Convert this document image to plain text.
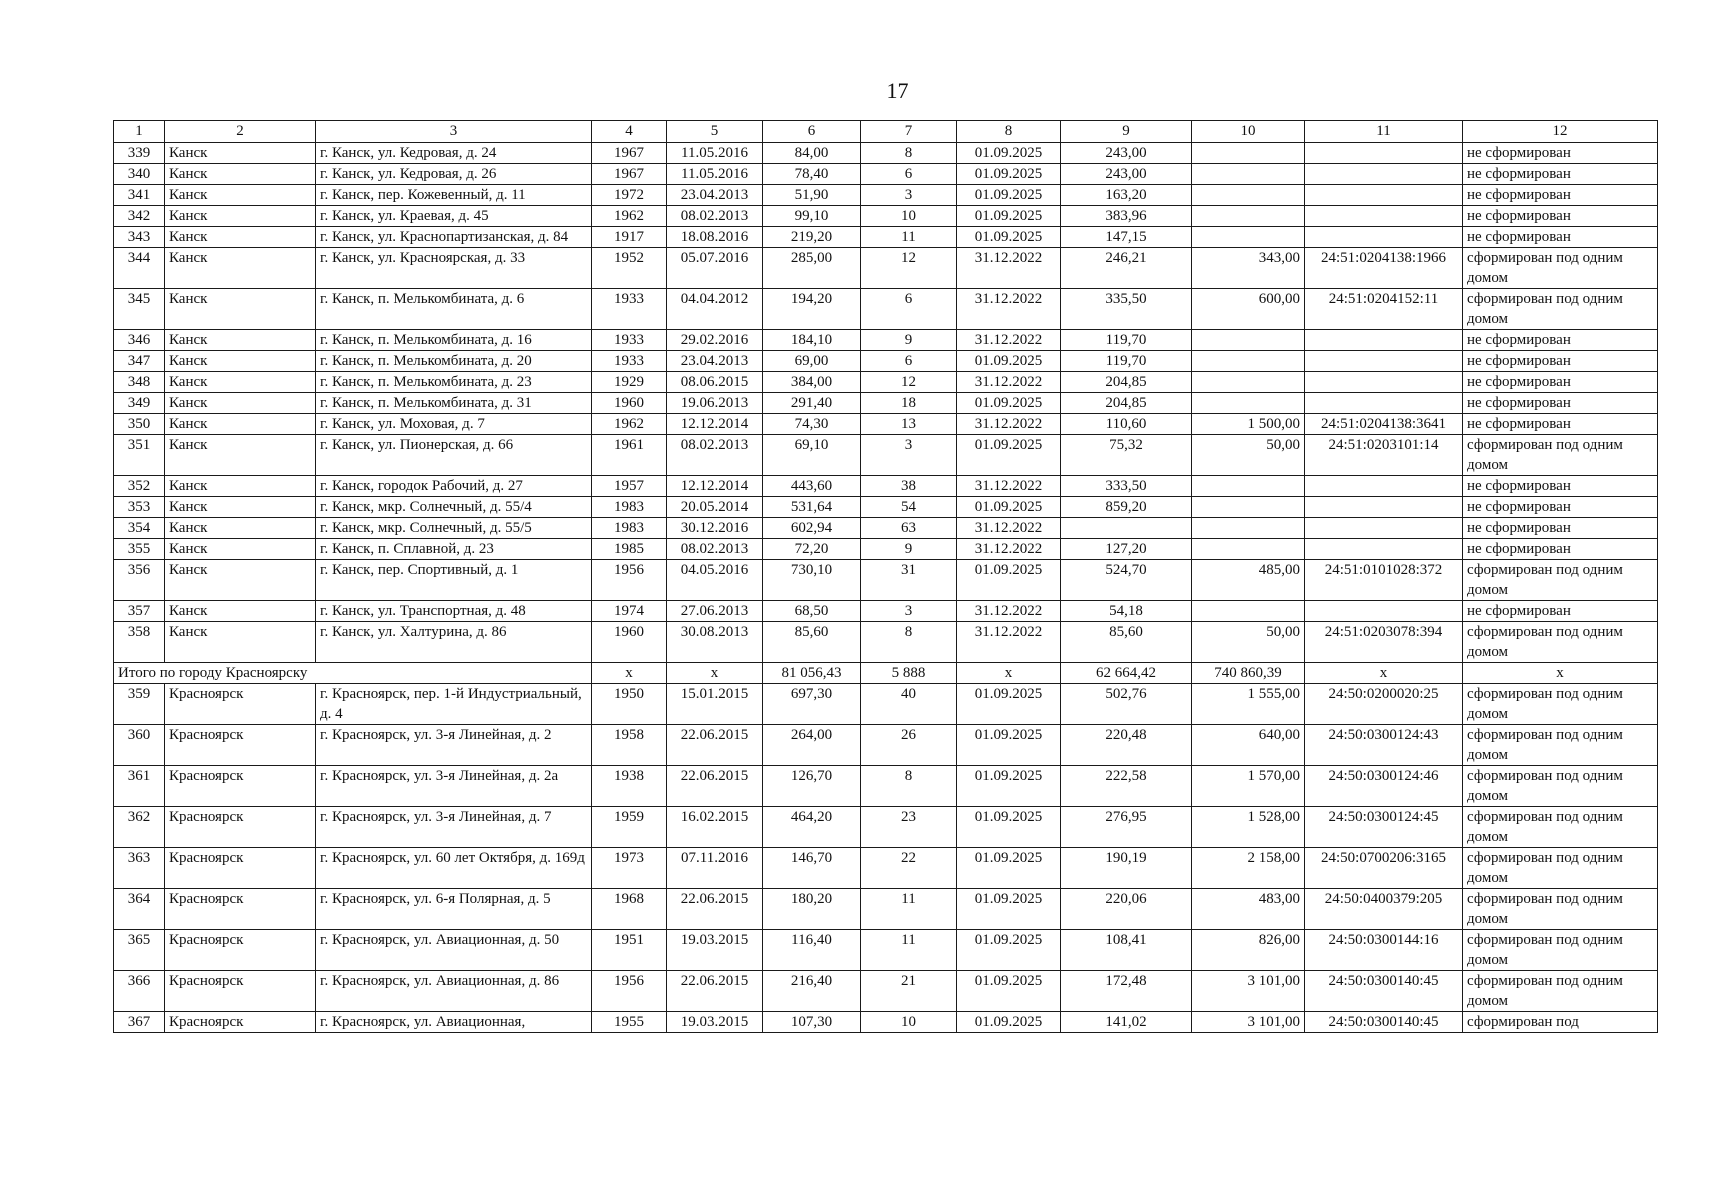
17
1	2	3	4	5	6	7	8	9	10	11	12
339	Канск	г. Канск, ул. Кедровая, д. 24	1967	11.05.2016	84,00	8	01.09.2025	243,00			не сформирован
340	Канск	г. Канск, ул. Кедровая, д. 26	1967	11.05.2016	78,40	6	01.09.2025	243,00			не сформирован
341	Канск	г. Канск, пер. Кожевенный, д. 11	1972	23.04.2013	51,90	3	01.09.2025	163,20			не сформирован
342	Канск	г. Канск, ул. Краевая, д. 45	1962	08.02.2013	99,10	10	01.09.2025	383,96			не сформирован
343	Канск	г. Канск, ул. Краснопартизанская, д. 84	1917	18.08.2016	219,20	11	01.09.2025	147,15			не сформирован
344	Канск	г. Канск, ул. Красноярская, д. 33	1952	05.07.2016	285,00	12	31.12.2022	246,21	343,00	24:51:0204138:1966	сформирован под одним домом
345	Канск	г. Канск, п. Мелькомбината, д. 6	1933	04.04.2012	194,20	6	31.12.2022	335,50	600,00	24:51:0204152:11	сформирован под одним домом
346	Канск	г. Канск, п. Мелькомбината, д. 16	1933	29.02.2016	184,10	9	31.12.2022	119,70			не сформирован
347	Канск	г. Канск, п. Мелькомбината, д. 20	1933	23.04.2013	69,00	6	01.09.2025	119,70			не сформирован
348	Канск	г. Канск, п. Мелькомбината, д. 23	1929	08.06.2015	384,00	12	31.12.2022	204,85			не сформирован
349	Канск	г. Канск, п. Мелькомбината, д. 31	1960	19.06.2013	291,40	18	01.09.2025	204,85			не сформирован
350	Канск	г. Канск, ул. Моховая, д. 7	1962	12.12.2014	74,30	13	31.12.2022	110,60	1 500,00	24:51:0204138:3641	не сформирован
351	Канск	г. Канск, ул. Пионерская, д. 66	1961	08.02.2013	69,10	3	01.09.2025	75,32	50,00	24:51:0203101:14	сформирован под одним домом
352	Канск	г. Канск, городок Рабочий, д. 27	1957	12.12.2014	443,60	38	31.12.2022	333,50			не сформирован
353	Канск	г. Канск, мкр. Солнечный, д. 55/4	1983	20.05.2014	531,64	54	01.09.2025	859,20			не сформирован
354	Канск	г. Канск, мкр. Солнечный, д. 55/5	1983	30.12.2016	602,94	63	31.12.2022				не сформирован
355	Канск	г. Канск, п. Сплавной, д. 23	1985	08.02.2013	72,20	9	31.12.2022	127,20			не сформирован
356	Канск	г. Канск, пер. Спортивный, д. 1	1956	04.05.2016	730,10	31	01.09.2025	524,70	485,00	24:51:0101028:372	сформирован под одним домом
357	Канск	г. Канск, ул. Транспортная, д. 48	1974	27.06.2013	68,50	3	31.12.2022	54,18			не сформирован
358	Канск	г. Канск, ул. Халтурина, д. 86	1960	30.08.2013	85,60	8	31.12.2022	85,60	50,00	24:51:0203078:394	сформирован под одним домом
Итого по городу Красноярску			x	x	81 056,43	5 888	x	62 664,42	740 860,39	x	x
359	Красноярск	г. Красноярск, пер. 1-й Индустриальный, д. 4	1950	15.01.2015	697,30	40	01.09.2025	502,76	1 555,00	24:50:0200020:25	сформирован под одним домом
360	Красноярск	г. Красноярск, ул. 3-я Линейная, д. 2	1958	22.06.2015	264,00	26	01.09.2025	220,48	640,00	24:50:0300124:43	сформирован под одним домом
361	Красноярск	г. Красноярск, ул. 3-я Линейная, д. 2а	1938	22.06.2015	126,70	8	01.09.2025	222,58	1 570,00	24:50:0300124:46	сформирован под одним домом
362	Красноярск	г. Красноярск, ул. 3-я Линейная, д. 7	1959	16.02.2015	464,20	23	01.09.2025	276,95	1 528,00	24:50:0300124:45	сформирован под одним домом
363	Красноярск	г. Красноярск, ул. 60 лет Октября, д. 169д	1973	07.11.2016	146,70	22	01.09.2025	190,19	2 158,00	24:50:0700206:3165	сформирован под одним домом
364	Красноярск	г. Красноярск, ул. 6-я Полярная, д. 5	1968	22.06.2015	180,20	11	01.09.2025	220,06	483,00	24:50:0400379:205	сформирован под одним домом
365	Красноярск	г. Красноярск, ул. Авиационная, д. 50	1951	19.03.2015	116,40	11	01.09.2025	108,41	826,00	24:50:0300144:16	сформирован под одним домом
366	Красноярск	г. Красноярск, ул. Авиационная, д. 86	1956	22.06.2015	216,40	21	01.09.2025	172,48	3 101,00	24:50:0300140:45	сформирован под одним домом
367	Красноярск	г. Красноярск, ул. Авиационная,	1955	19.03.2015	107,30	10	01.09.2025	141,02	3 101,00	24:50:0300140:45	сформирован под
